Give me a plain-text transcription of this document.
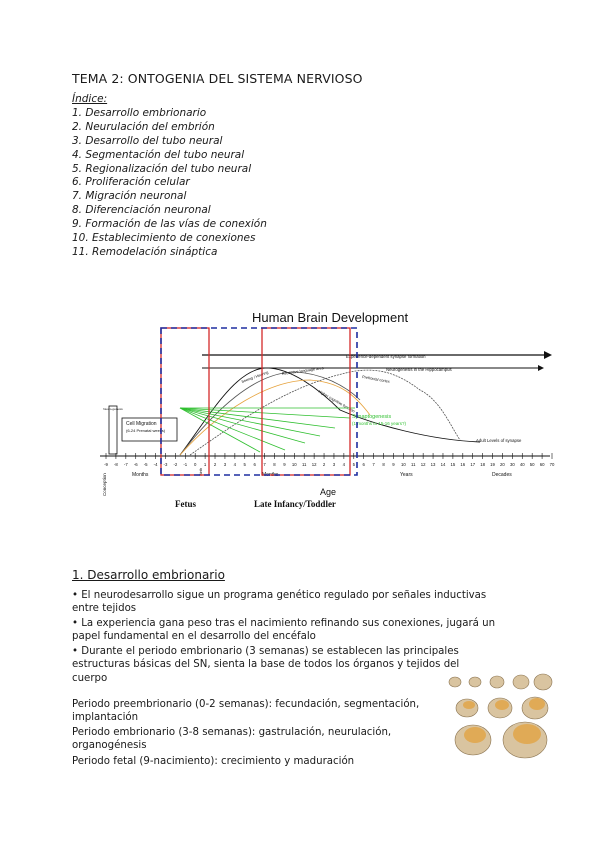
TEMA 2: ONTOGENIA DEL SISTEMA NERVIOSO
Índice:
1. Desarrollo embrionario
2. Neurulación del embrión
3. Desarrollo del tubo neural
4. Segmentación del tubo neural
5. Regionalización del tubo neural
6. Proliferación celular
7. Migración neuronal
8. Diferenciación neuronal
9. Formación de las vías de conexión
10. Establecimiento de conexiones
11. Remodelación sináptica
Human Brain Development
Experience-dependent synapse formation
Neurogenesis in the Hippocampus
Seeing / Hearing	Receptive language area
Higher cognitive function
Prefrontal cortex
Synaptogenesis
(1 months to 15-16 years?)
Adult Levels of synapse
Neuro-genesis
Cell Migration
(6-24 Prenatal weeks)
-9 -8 -7 -6 -5 -4 -3 -2 -1 0 1 2 3 4 5 6 7 8 9 10 11 12 2 3 4 5 6 7 8 9 10 11 12 13 14 15 16 17 18 19 20 30 40 50 60 70
Months	Months	Years	Decades
Conception
Birth
Age
Fetus	Late Infancy/Toddler
1. Desarrollo embrionario
• El neurodesarrollo sigue un programa genético regulado por señales inductivas entre tejidos
• La experiencia gana peso tras el nacimiento refinando sus conexiones, jugará un papel fundamental en el desarrollo del encéfalo
• Durante el periodo embrionario (3 semanas) se establecen las principales estructuras básicas del SN, sienta la base de todos los órganos y tejidos del cuerpo
Periodo preembrionario (0-2 semanas): fecundación, segmentación, implantación
Periodo embrionario (3-8 semanas): gastrulación, neurulación, organogénesis
Periodo fetal (9-nacimiento): crecimiento y maduración
